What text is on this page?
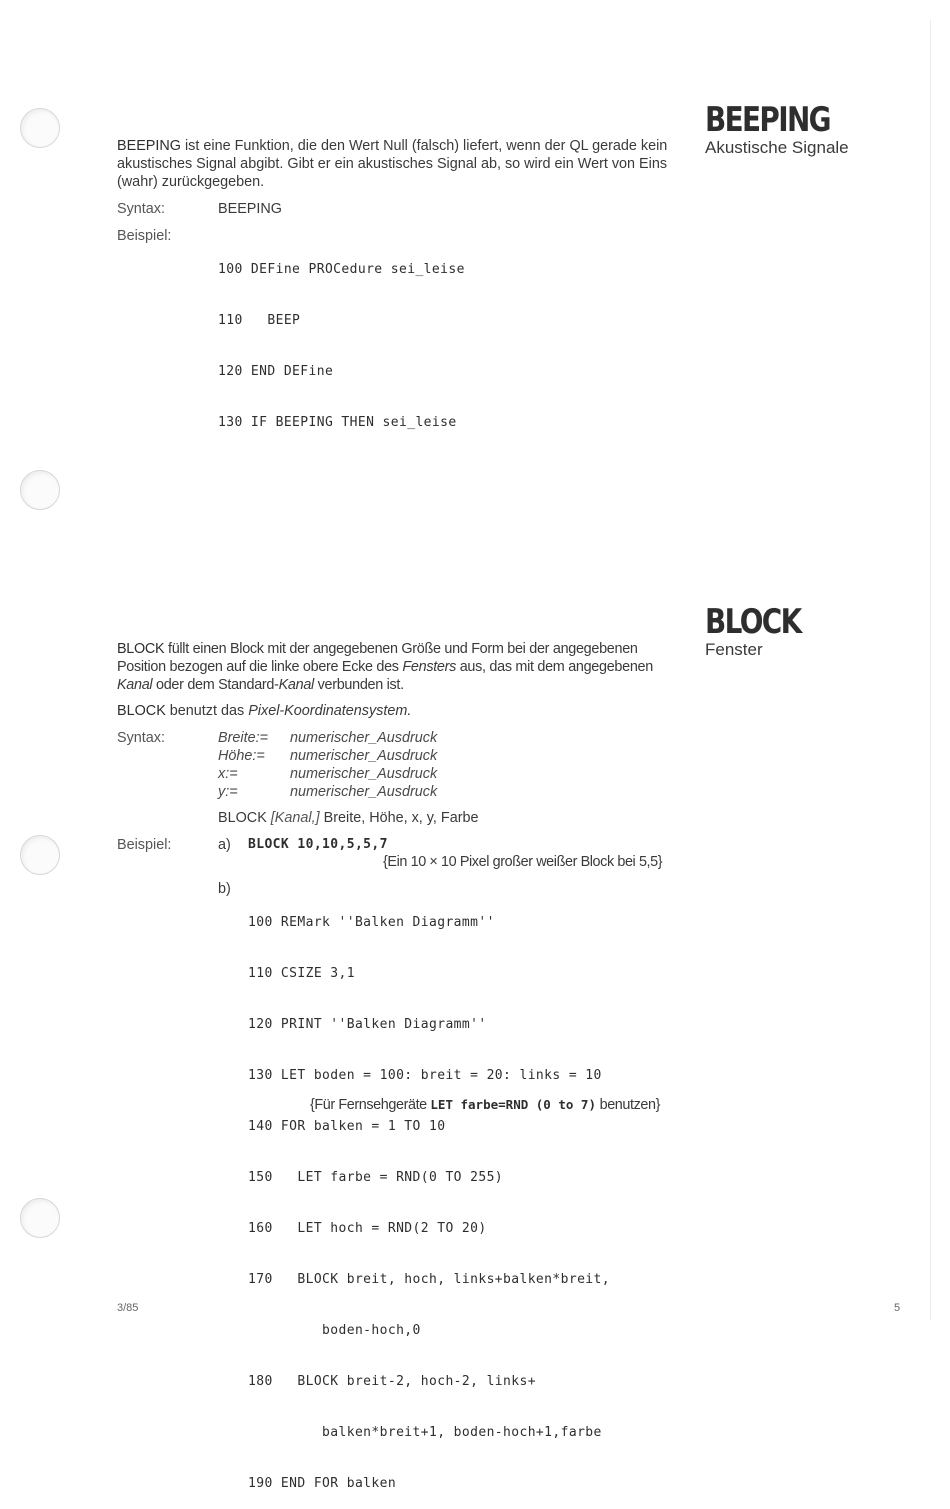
BEEPING
Akustische Signale
BEEPING ist eine Funktion, die den Wert Null (falsch) liefert, wenn der QL gerade kein akustisches Signal abgibt. Gibt er ein akustisches Signal ab, so wird ein Wert von Eins (wahr) zurückgegeben.
Syntax:	BEEPING
Beispiel:

100 DEFine PROCedure sei_leise

110   BEEP

120 END DEFine

130 IF BEEPING THEN sei_leise

BLOCK
Fenster
BLOCK füllt einen Block mit der angegebenen Größe und Form bei der angegebenen Position bezogen auf die linke obere Ecke des Fensters aus, das mit dem angegebenen Kanal oder dem Standard-Kanal verbunden ist.
BLOCK benutzt das Pixel-Koordinatensystem.
Syntax:	Breite:= numerischer_Ausdruck
Höhe:= numerischer_Ausdruck
x:=	numerischer_Ausdruck
y:=	numerischer_Ausdruck
BLOCK [Kanal,] Breite, Höhe, x, y, Farbe
Beispiel:	a) BLOCK 10,10,5,5,7
{Ein 10 × 10 Pixel großer weißer Block bei 5,5}
b)

100 REMark ''Balken Diagramm''

110 CSIZE 3,1

120 PRINT ''Balken Diagramm''

130 LET boden = 100: breit = 20: links = 10

140 FOR balken = 1 TO 10

150   LET farbe = RND(0 TO 255)

160   LET hoch = RND(2 TO 20)

170   BLOCK breit, hoch, links+balken*breit,

boden-hoch,0

180   BLOCK breit-2, hoch-2, links+

balken*breit+1, boden-hoch+1,farbe

190 END FOR balken

{Für Fernsehgeräte LET farbe=RND (0 to 7) benutzen}
3/85	5
